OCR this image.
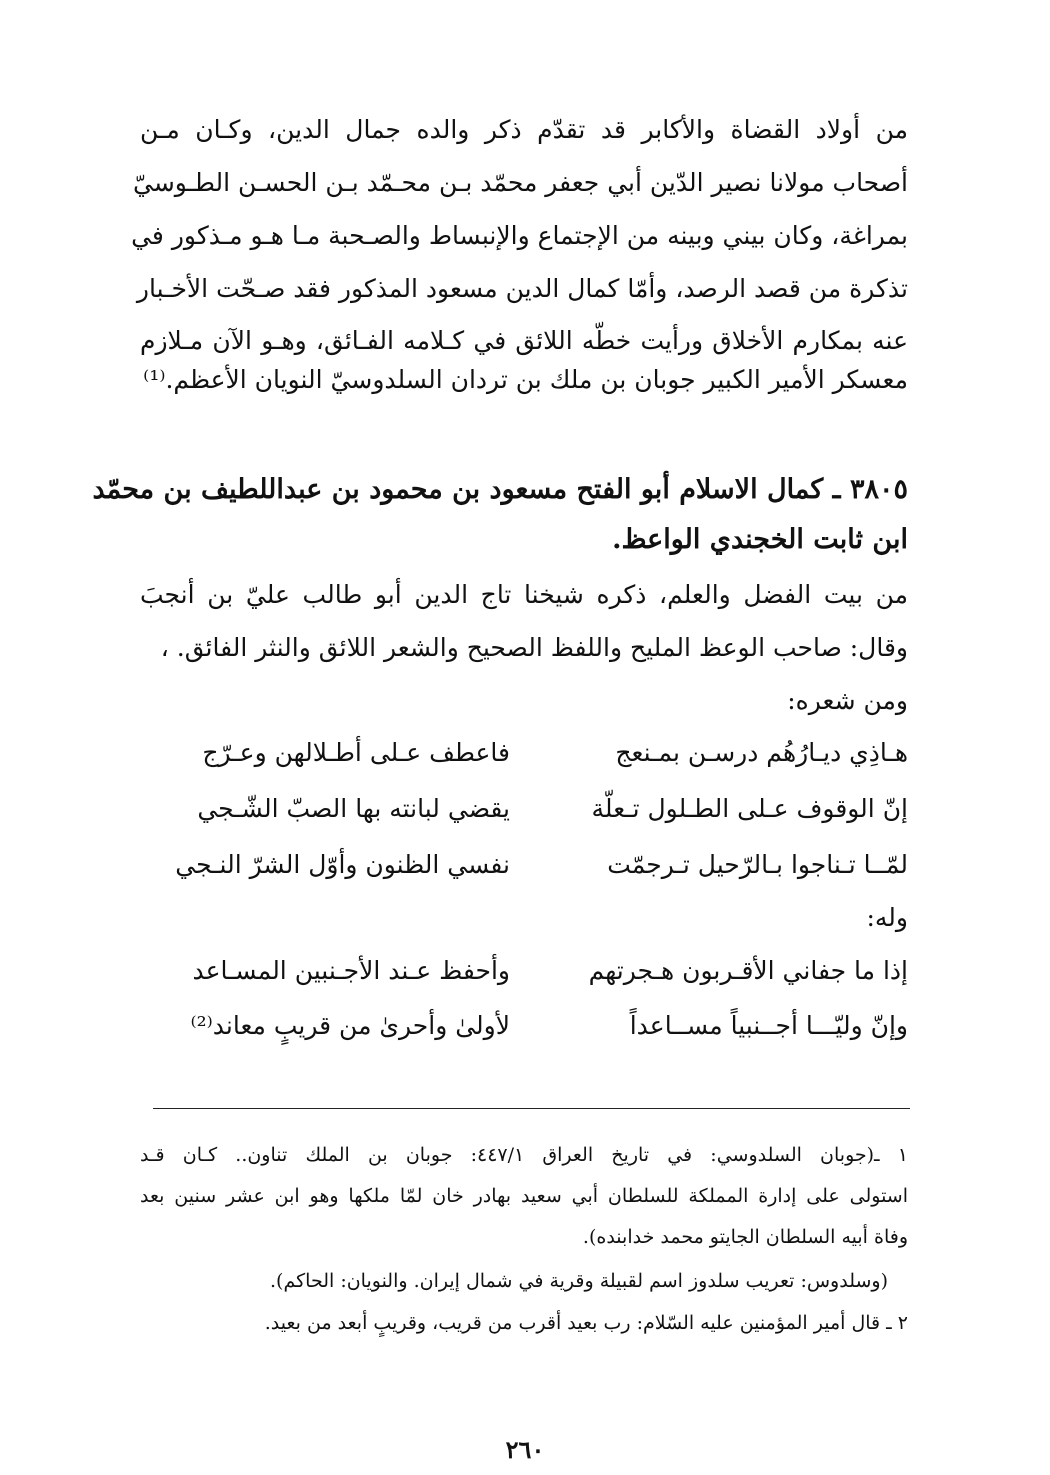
من أولاد القضاة والأكابر قد تقدّم ذكر والده جمال الدين، وكـان مـن
أصحاب مولانا نصير الدّين أبي جعفر محمّد بـن محـمّد بـن الحسـن الطـوسيّ
بمراغة، وكان بيني وبينه من الإجتماع والإنبساط والصـحبة مـا هـو مـذكور في
تذكرة من قصد الرصد، وأمّا كمال الدين مسعود المذكور فقد صـحّت الأخـبار
عنه بمكارم الأخلاق ورأيت خطّه اللائق في كـلامه الفـائق، وهـو الآن مـلازم
معسكر الأمير الكبير جوبان بن ملك بن تردان السلدوسيّ النويان الأعظم.⁽¹⁾
٣٨٠٥ ـ كمال الاسلام أبو الفتح مسعود بن محمود بن عبداللطيف بن محمّد
ابن ثابت الخجندي الواعظ.
من بيت الفضل والعلم، ذكره شيخنا تاج الدين أبو طالب عليّ بن أنجبَ
وقال: صاحب الوعظ المليح واللفظ الصحيح والشعر اللائق والنثر الفائق. ،
ومن شعره:
هـاذِي ديـارُهُم درسـن بمـنعج
فاعطف عـلى أطـلالهن وعـرّج
إنّ الوقوف عـلى الطـلول تـعلّة
يقضي لبانته بها الصبّ الشّـجي
لمّــا تـناجوا بـالرّحيل تـرجمّت
نفسي الظنون وأوّل الشرّ النـجي
وله:
إذا ما جفاني الأقـربون هـجرتهم
وأحفظ عـند الأجـنبين المسـاعد
وإنّ وليّـــا أجــنبياً مســاعداً
لأولىٰ وأحرىٰ من قريبٍ معاند⁽²⁾
١ ـ(جوبان السلدوسي: في تاريخ العراق ٤٤٧/١: جوبان بن الملك تناون.. كـان قـد
استولى على إدارة المملكة للسلطان أبي سعيد بهادر خان لمّا ملكها وهو ابن عشر سنين بعد
وفاة أبيه السلطان الجايتو محمد خدابنده).
(وسلدوس: تعريب سلدوز اسم لقبيلة وقرية في شمال إيران. والنويان: الحاكم).
٢ ـ قال أمير المؤمنين عليه السّلام: رب بعيد أقرب من قريب، وقريبٍ أبعد من بعيد.
٢٦٠
